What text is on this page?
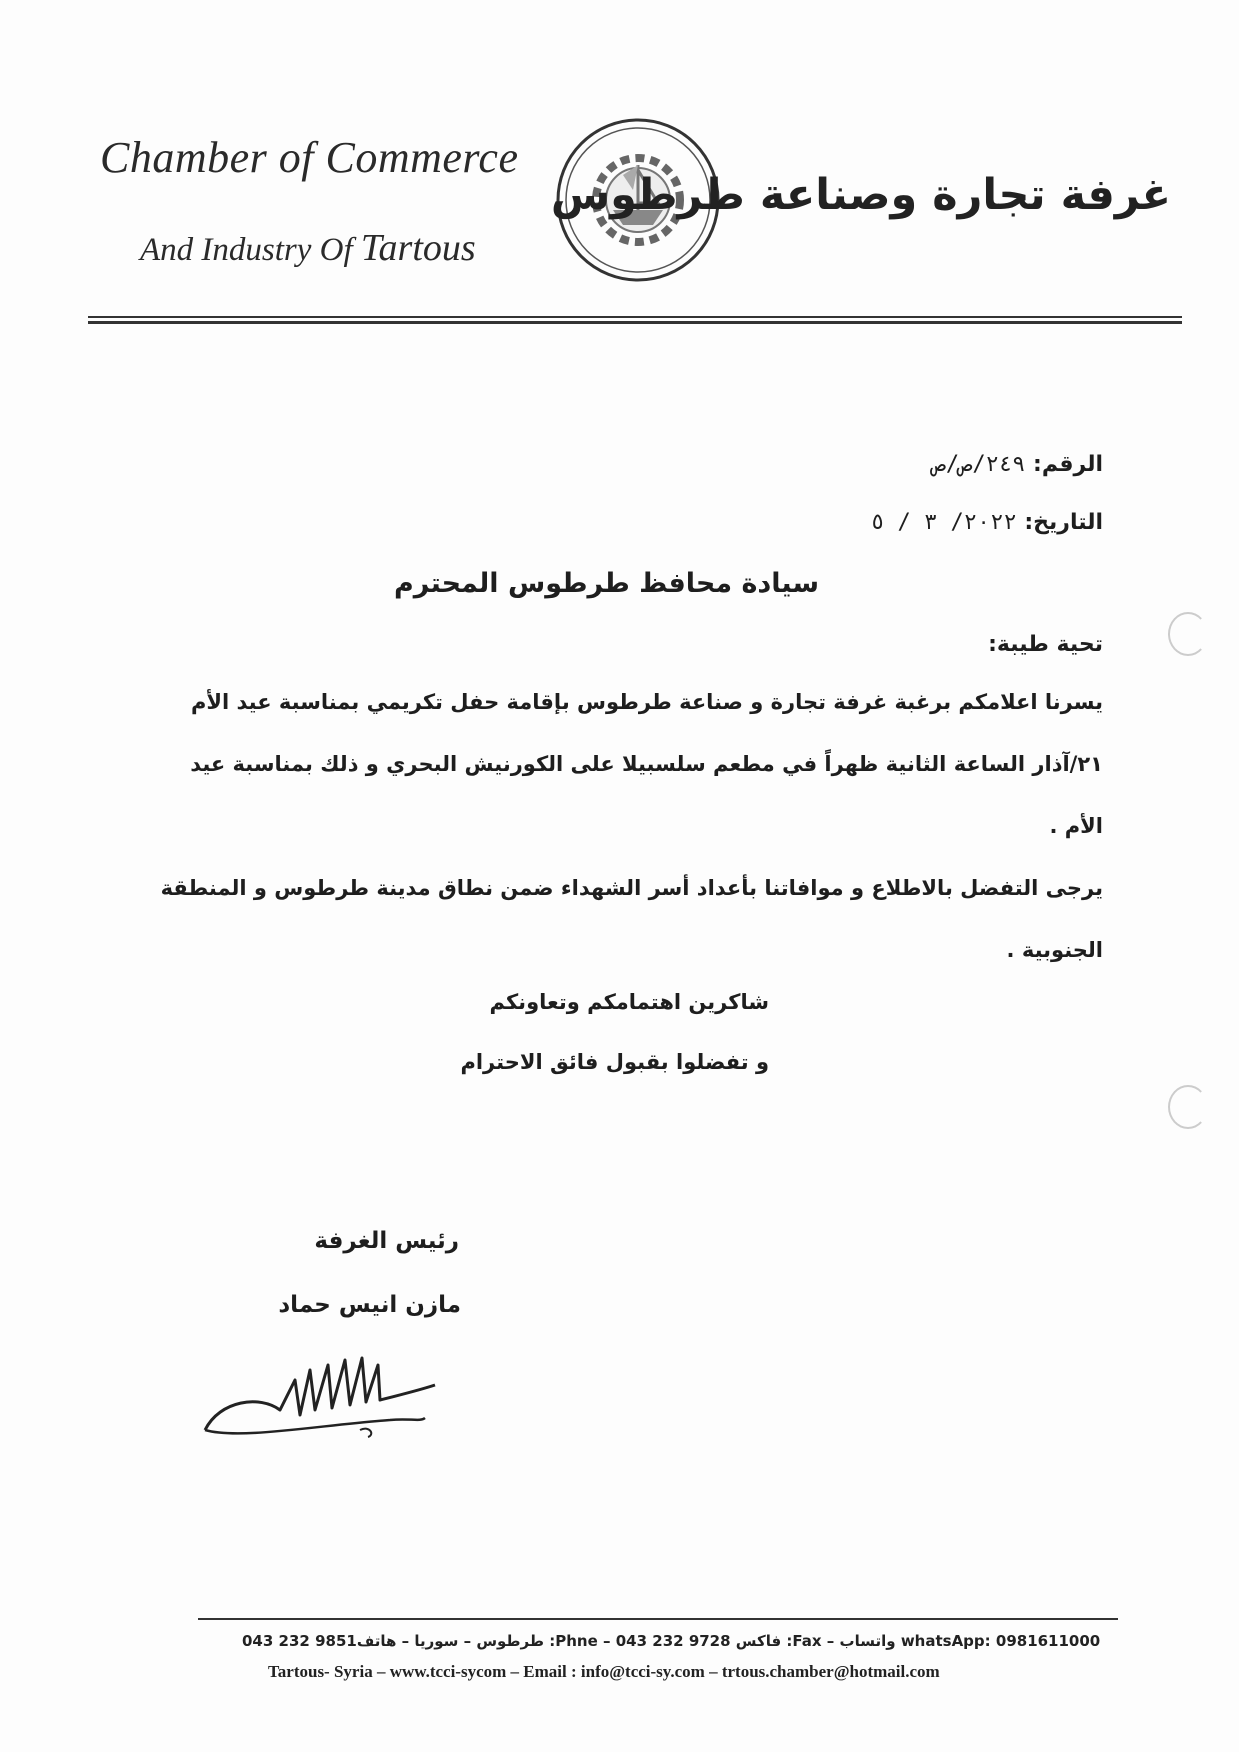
Chamber of Commerce
And Industry Of Tartous
غرفة تجارة وصناعة طرطوس
الرقم: ٢٤٩/ص/ص
التاريخ: ٢٠٢٢/ ٣ / ٥
سيادة محافظ طرطوس المحترم
تحية طيبة:
يسرنا اعلامكم برغبة غرفة تجارة و صناعة طرطوس بإقامة حفل تكريمي بمناسبة عيد الأم
٢١/آذار الساعة الثانية ظهراً في مطعم سلسبيلا على الكورنيش البحري و ذلك بمناسبة عيد
الأم .
يرجى التفضل بالاطلاع و موافاتنا بأعداد أسر الشهداء ضمن نطاق مدينة طرطوس و المنطقة
الجنوبية .
شاكرين اهتمامكم وتعاونكم
و تفضلوا بقبول فائق الاحترام
رئيس الغرفة
مازن انيس حماد
طرطوس – سوريا – هاتف9851 232 043 :Phne – فاكس 9728 232 043 :Fax – واتساب whatsApp: 0981611000
Tartous- Syria – www.tcci-sycom – Email : info@tcci-sy.com – trtous.chamber@hotmail.com
